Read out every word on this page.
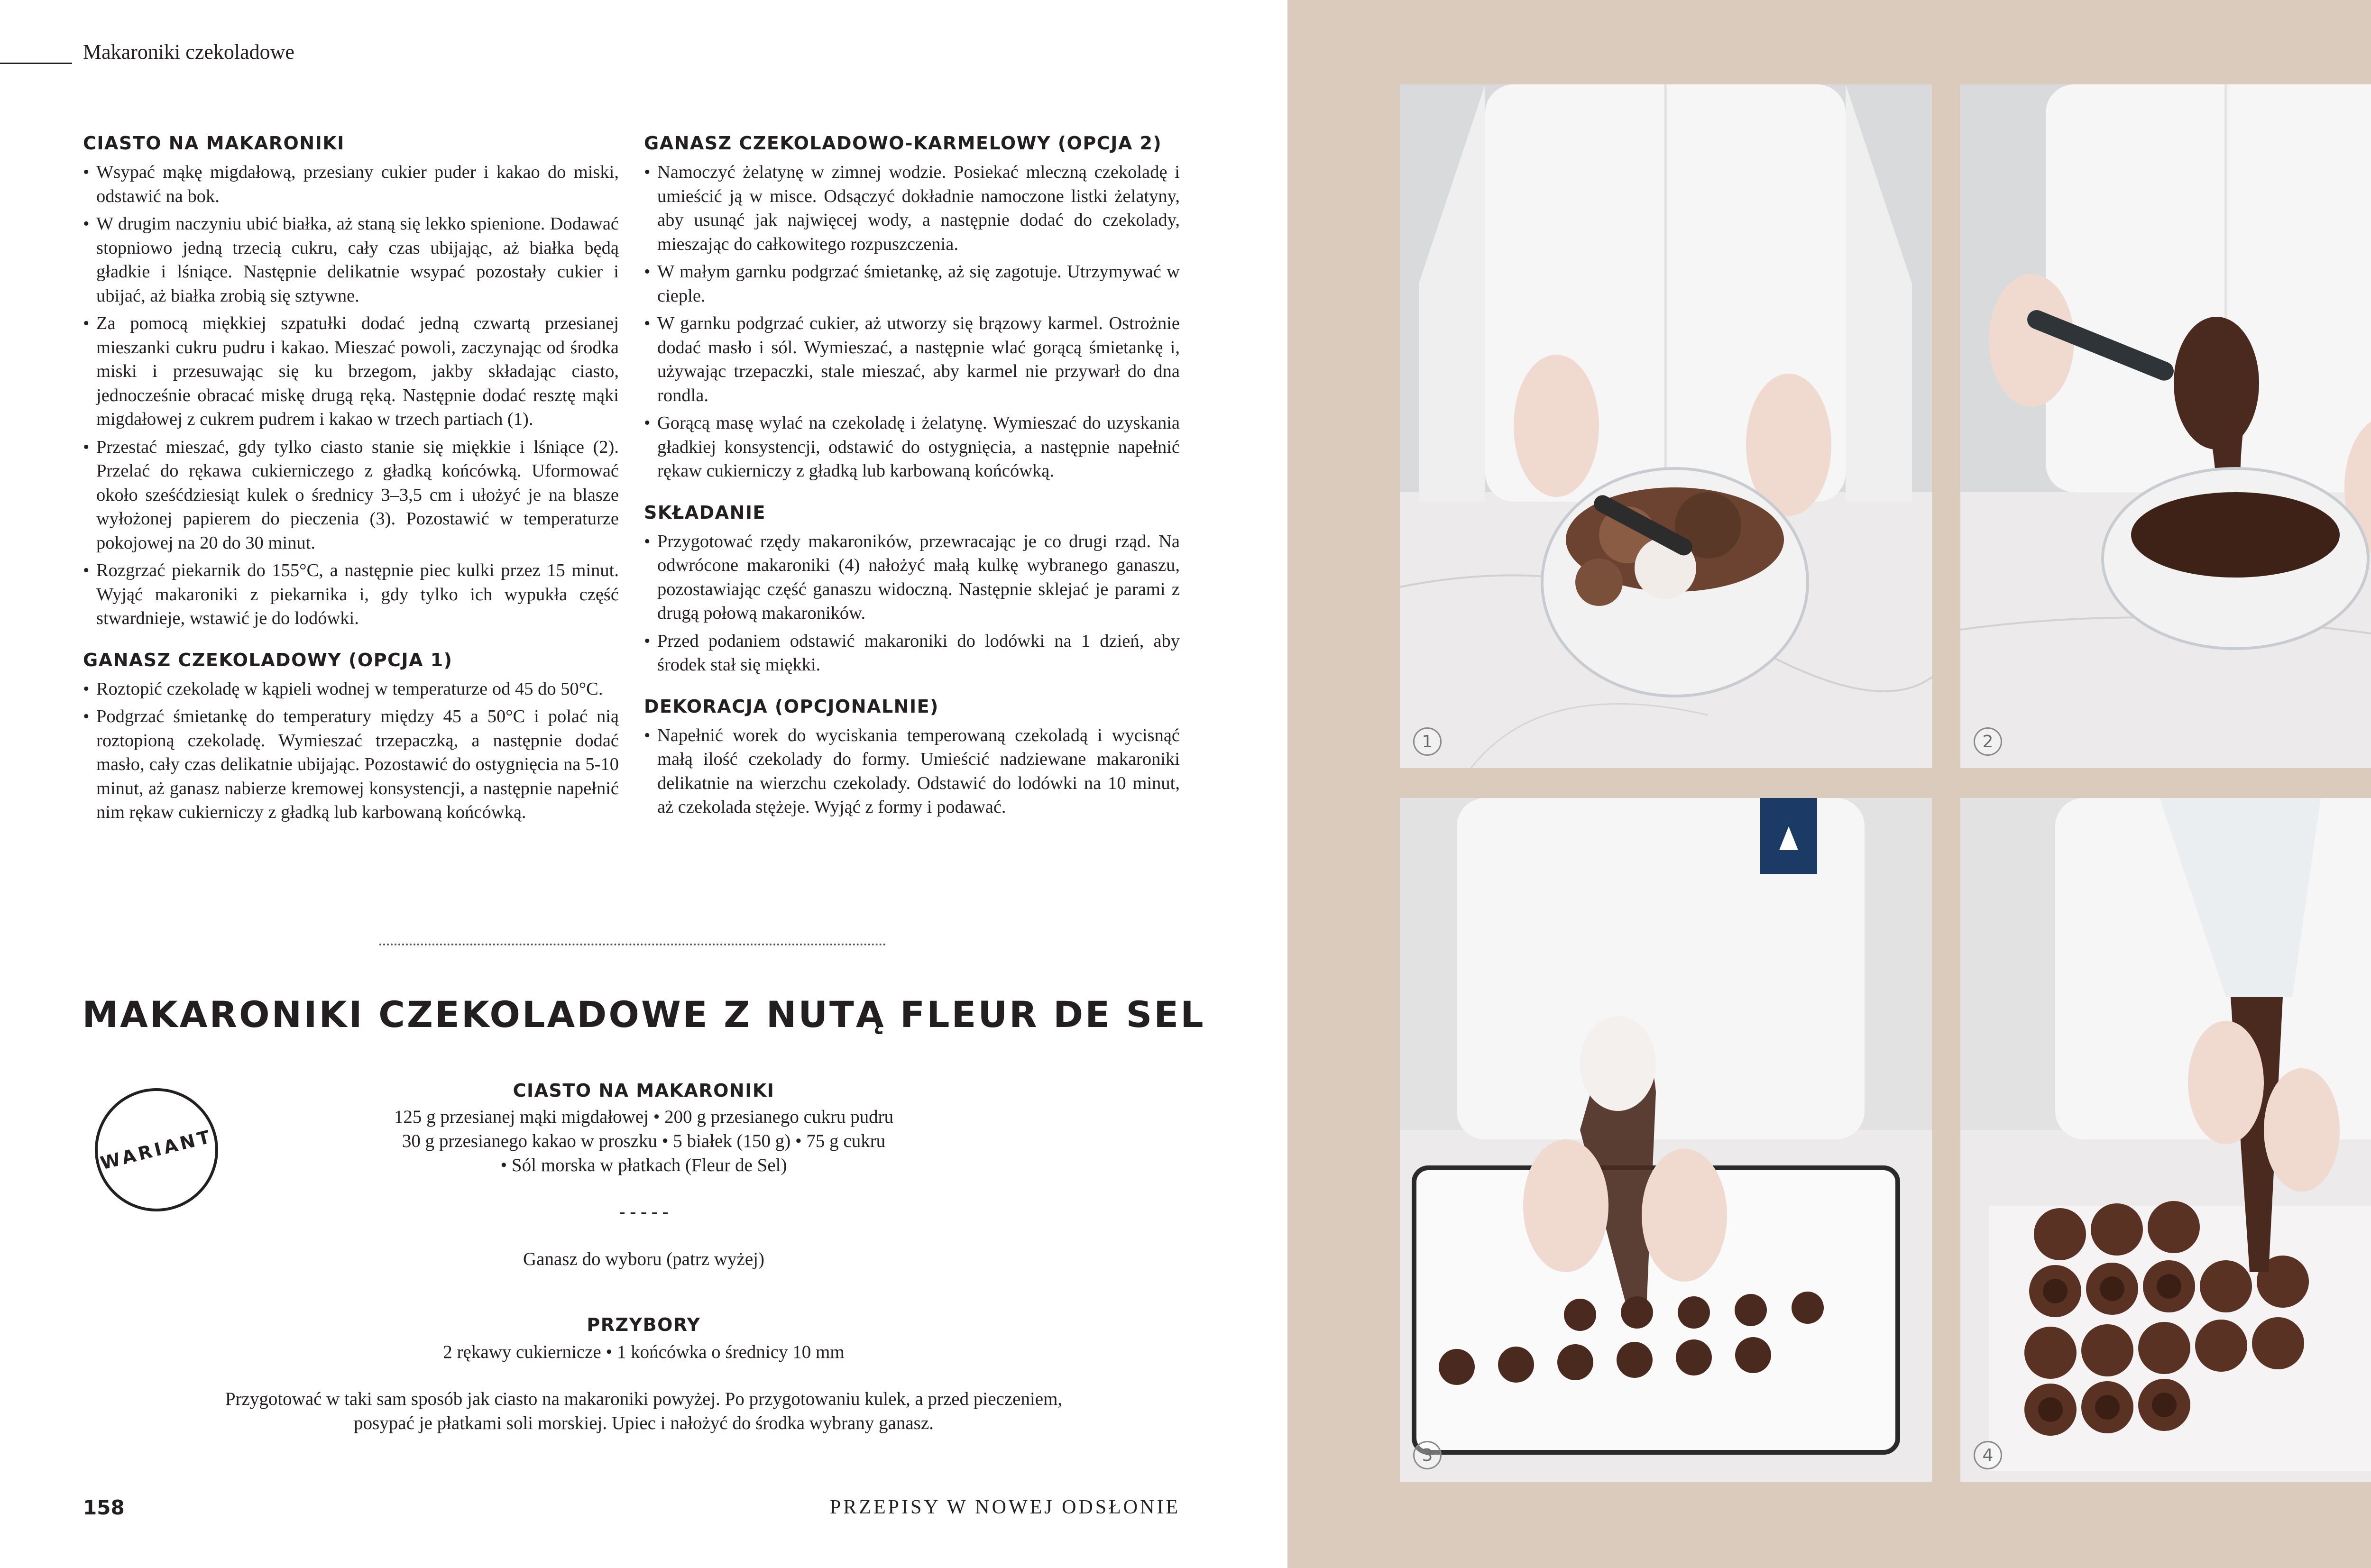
Makaroniki czekoladowe
CIASTO NA MAKARONIKI
• Wsypać mąkę migdałową, przesiany cukier puder i kakao do miski, odstawić na bok.
• W drugim naczyniu ubić białka, aż staną się lekko spienione. Dodawać stopniowo jedną trzecią cukru, cały czas ubijając, aż białka będą gładkie i lśniące. Następnie delikatnie wsypać pozostały cukier i ubijać, aż białka zrobią się sztywne.
• Za pomocą miękkiej szpatułki dodać jedną czwartą przesianej mieszanki cukru pudru i kakao. Mieszać powoli, zaczynając od środka miski i przesuwając się ku brzegom, jakby składając ciasto, jednocześnie obracać miskę drugą ręką. Następnie dodać resztę mąki migdałowej z cukrem pudrem i kakao w trzech partiach (1).
• Przestać mieszać, gdy tylko ciasto stanie się miękkie i lśniące (2). Przelać do rękawa cukierniczego z gładką końcówką. Uformować około sześćdziesiąt kulek o średnicy 3–3,5 cm i ułożyć je na blasze wyłożonej papierem do pieczenia (3). Pozostawić w temperaturze pokojowej na 20 do 30 minut.
• Rozgrzać piekarnik do 155°C, a następnie piec kulki przez 15 minut. Wyjąć makaroniki z piekarnika i, gdy tylko ich wypukła część stwardnieje, wstawić je do lodówki.
GANASZ CZEKOLADOWY (OPCJA 1)
• Roztopić czekoladę w kąpieli wodnej w temperaturze od 45 do 50°C.
• Podgrzać śmietankę do temperatury między 45 a 50°C i polać nią roztopioną czekoladę. Wymieszać trzepaczką, a następnie dodać masło, cały czas delikatnie ubijając. Pozostawić do ostygnięcia na 5-10 minut, aż ganasz nabierze kremowej konsystencji, a następnie napełnić nim rękaw cukierniczy z gładką lub karbowaną końcówką.
GANASZ CZEKOLADOWO-KARMELOWY (OPCJA 2)
• Namoczyć żelatynę w zimnej wodzie. Posiekać mleczną czekoladę i umieścić ją w misce. Odsączyć dokładnie namoczone listki żelatyny, aby usunąć jak najwięcej wody, a następnie dodać do czekolady, mieszając do całkowitego rozpuszczenia.
• W małym garnku podgrzać śmietankę, aż się zagotuje. Utrzymywać w cieple.
• W garnku podgrzać cukier, aż utworzy się brązowy karmel. Ostrożnie dodać masło i sól. Wymieszać, a następnie wlać gorącą śmietankę i, używając trzepaczki, stale mieszać, aby karmel nie przywarł do dna rondla.
• Gorącą masę wylać na czekoladę i żelatynę. Wymieszać do uzyskania gładkiej konsystencji, odstawić do ostygnięcia, a następnie napełnić rękaw cukierniczy z gładką lub karbowaną końcówką.
SKŁADANIE
• Przygotować rzędy makaroników, przewracając je co drugi rząd. Na odwrócone makaroniki (4) nałożyć małą kulkę wybranego ganaszu, pozostawiając część ganaszu widoczną. Następnie sklejać je parami z drugą połową makaroników.
• Przed podaniem odstawić makaroniki do lodówki na 1 dzień, aby środek stał się miękki.
DEKORACJA (OPCJONALNIE)
• Napełnić worek do wyciskania temperowaną czekoladą i wycisnąć małą ilość czekolady do formy. Umieścić nadziewane makaroniki delikatnie na wierzchu czekolady. Odstawić do lodówki na 10 minut, aż czekolada stężeje. Wyjąć z formy i podawać.
MAKARONIKI CZEKOLADOWE Z NUTĄ FLEUR DE SEL
WARIANT
CIASTO NA MAKARONIKI
125 g przesianej mąki migdałowej • 200 g przesianego cukru pudru
30 g przesianego kakao w proszku • 5 białek (150 g) • 75 g cukru
• Sól morska w płatkach (Fleur de Sel)
- - - - -
Ganasz do wyboru (patrz wyżej)
PRZYBORY
2 rękawy cukiernicze • 1 końcówka o średnicy 10 mm
Przygotować w taki sam sposób jak ciasto na makaroniki powyżej. Po przygotowaniu kulek, a przed pieczeniem,
posypać je płatkami soli morskiej. Upiec i nałożyć do środka wybrany ganasz.
158	PRZEPISY W NOWEJ ODSŁONIE
1	2
3	4
